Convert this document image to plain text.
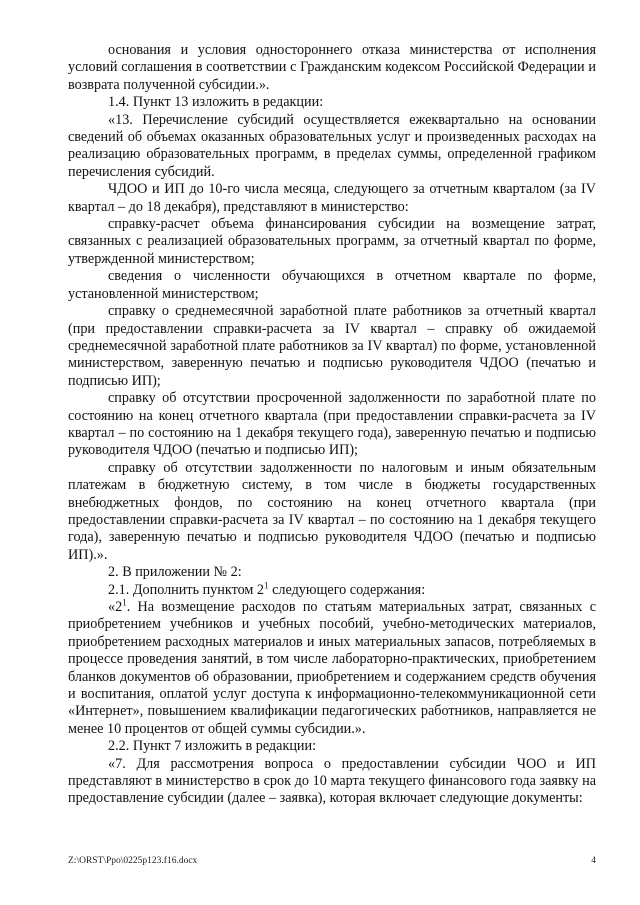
основания и условия одностороннего отказа министерства от исполнения условий соглашения в соответствии с Гражданским кодексом Российской Федерации и возврата полученной субсидии.».

1.4. Пункт 13 изложить в редакции:

«13. Перечисление субсидий осуществляется ежеквартально на основании сведений об объемах оказанных образовательных услуг и произведенных расходах на реализацию образовательных программ, в пределах суммы, определенной графиком перечисления субсидий.

ЧДОО и ИП до 10-го числа месяца, следующего за отчетным кварталом (за IV квартал – до 18 декабря), представляют в министерство:

справку-расчет объема финансирования субсидии на возмещение затрат, связанных с реализацией образовательных программ, за отчетный квартал по форме, утвержденной министерством;

сведения о численности обучающихся в отчетном квартале по форме, установленной министерством;

справку о среднемесячной заработной плате работников за отчетный квартал (при предоставлении справки-расчета за IV квартал – справку об ожидаемой среднемесячной заработной плате работников за IV квартал) по форме, установленной министерством, заверенную печатью и подписью руководителя ЧДОО (печатью и подписью ИП);

справку об отсутствии просроченной задолженности по заработной плате по состоянию на конец отчетного квартала (при предоставлении справки-расчета за IV квартал – по состоянию на 1 декабря текущего года), заверенную печатью и подписью руководителя ЧДОО (печатью и подписью ИП);

справку об отсутствии задолженности по налоговым и иным обязательным платежам в бюджетную систему, в том числе в бюджеты государственных внебюджетных фондов, по состоянию на конец отчетного квартала (при предоставлении справки-расчета за IV квартал – по состоянию на 1 декабря текущего года), заверенную печатью и подписью руководителя ЧДОО (печатью и подписью ИП).».

2. В приложении № 2:

2.1. Дополнить пунктом $2^1$ следующего содержания:

«$2^1$. На возмещение расходов по статьям материальных затрат, связанных с приобретением учебников и учебных пособий, учебно-методических материалов, приобретением расходных материалов и иных материальных запасов, потребляемых в процессе проведения занятий, в том числе лабораторно-практических, приобретением бланков документов об образовании, приобретением и содержанием средств обучения и воспитания, оплатой услуг доступа к информационно-телекоммуникационной сети «Интернет», повышением квалификации педагогических работников, направляется не менее 10 процентов от общей суммы субсидии.».

2.2. Пункт 7 изложить в редакции:

«7. Для рассмотрения вопроса о предоставлении субсидии ЧОО и ИП представляют в министерство в срок до 10 марта текущего финансового года заявку на предоставление субсидии (далее – заявка), которая включает следующие документы:

Z:\ORST\Ppo\0225p123.f16.docx	4
